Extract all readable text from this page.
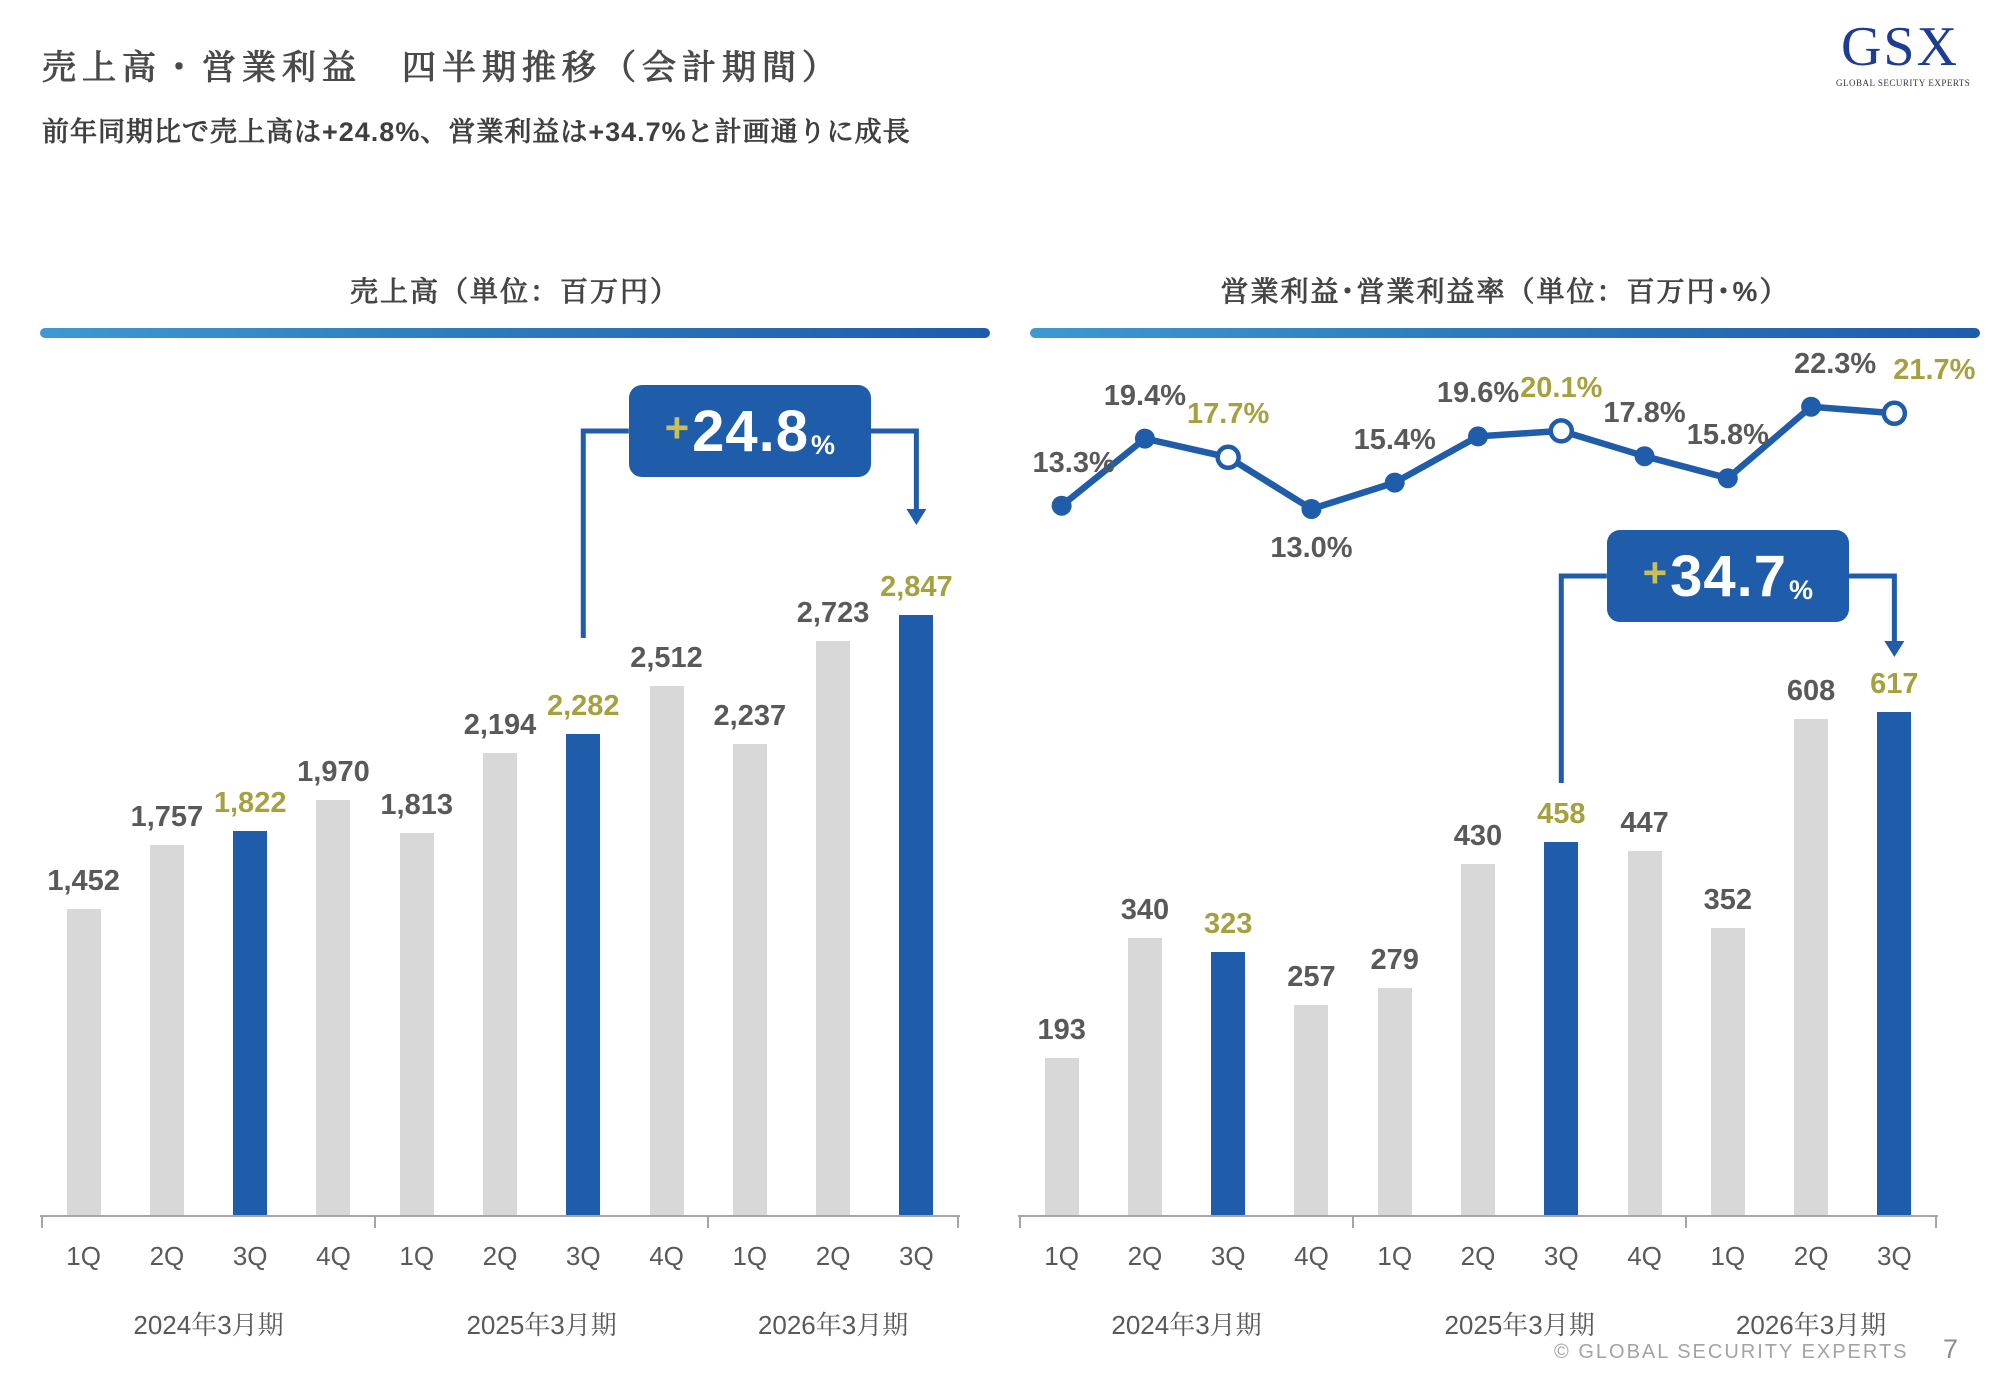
売上高・営業利益　四半期推移（会計期間）
前年同期比で売上高は+24.8%、営業利益は+34.7%と計画通りに成長
GSX
GLOBAL SECURITY EXPERTS
売上高（単位：百万円）
1,452
1,757 1,822
1,970
1,813
2,194
2,282
2,512
2,237
2,723
2,847
1Q	2Q	3Q	4Q	1Q	2Q	3Q	4Q	1Q	2Q	3Q
2024年3月期	2025年3月期	2026年3月期
+ 24.8 %
営業利益･営業利益率（単位：百万円･%）
193
340	323
257
279
430
458	447
352
608	617
1Q	2Q	3Q	4Q	1Q	2Q	3Q	4Q	1Q	2Q	3Q
2024年3月期	2025年3月期	2026年3月期
13.3%
19.4%
17.7%
13.0%
15.4%
19.6% 20.1%
17.8%
15.8%
22.3% 21.7%
+ 34.7 %
© GLOBAL SECURITY EXPERTS 7
